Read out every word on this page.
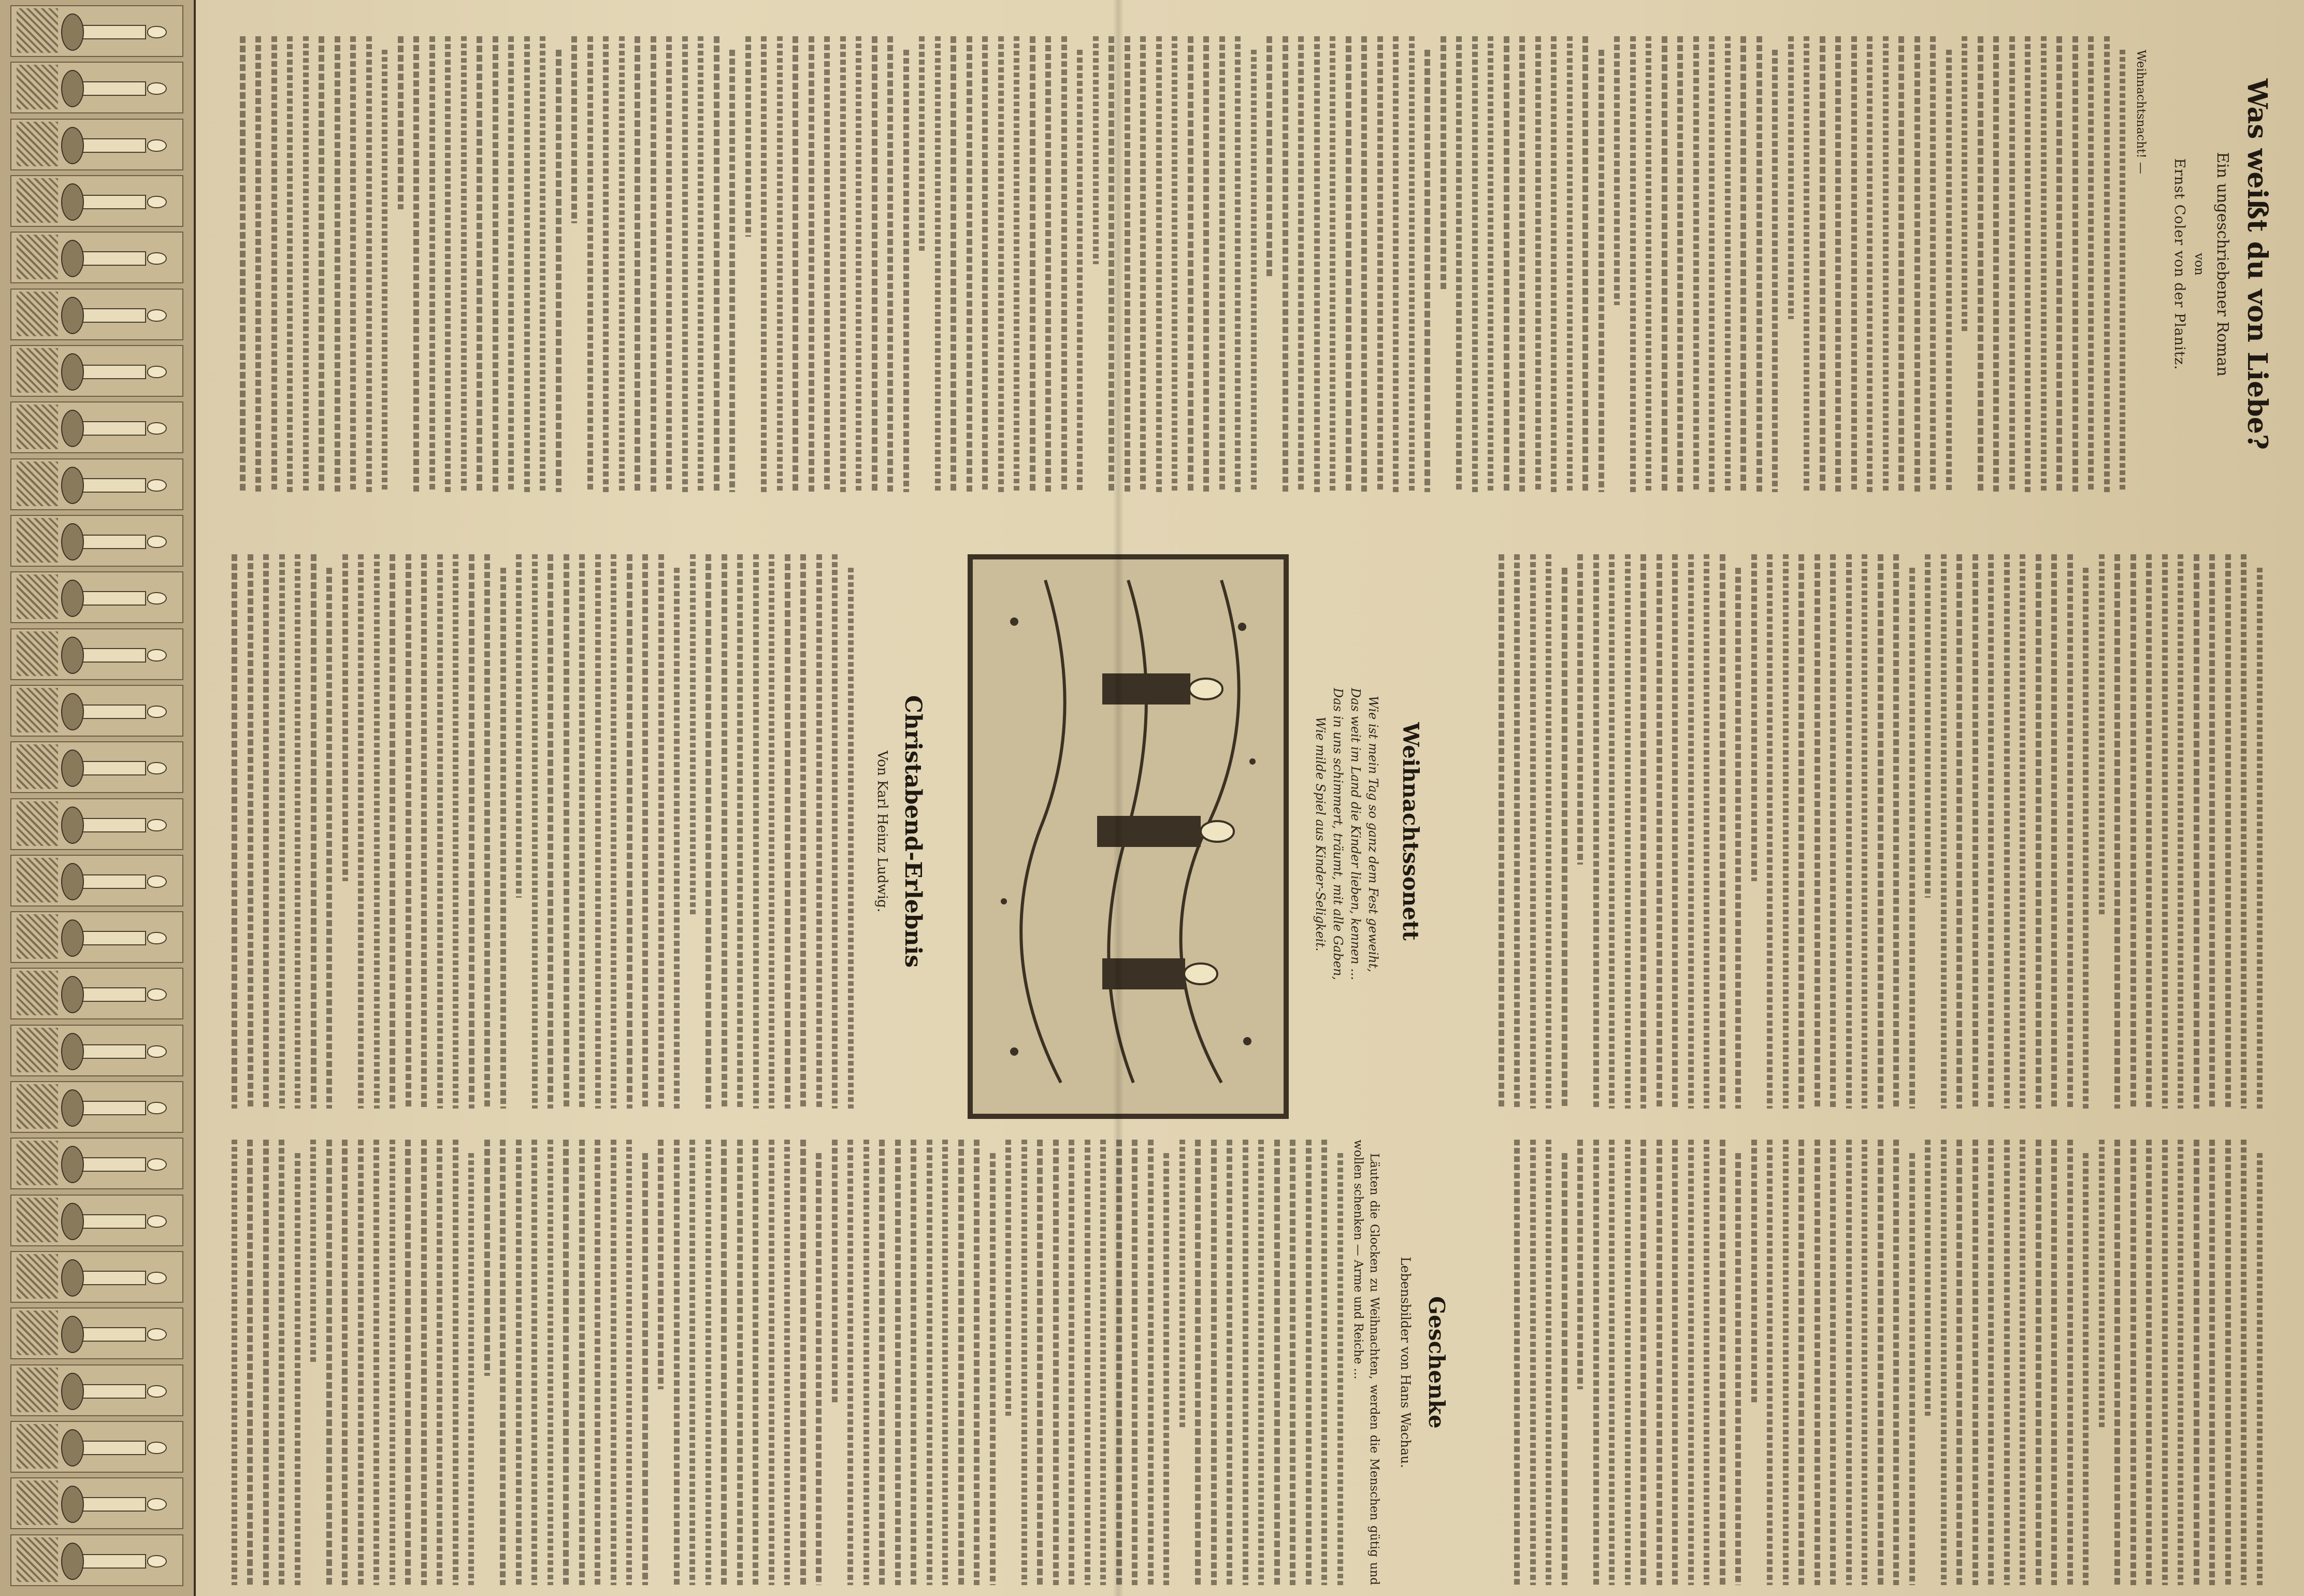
Was weißt du von Liebe?
Ein ungeschriebener Roman
von
Ernst Coler von der Planitz.

Weihnachtsnacht! —

Weihnachtssonett
Wie ist mein Tag so ganz dem Fest geweiht,
Das weit im Land die Kinder lieben, kennen ...
Das in uns schimmert, träumt, mit alle Gaben,
Wie milde Spiel aus Kinder-Seligkeit.
Christabend-Erlebnis
Von Karl Heinz Ludwig.
Geschenke
Lebensbilder von Hans Wachau.

Läuten die Glocken zu Weihnachten, werden die Menschen gütig und wollen schenken — Arme und Reiche ...
